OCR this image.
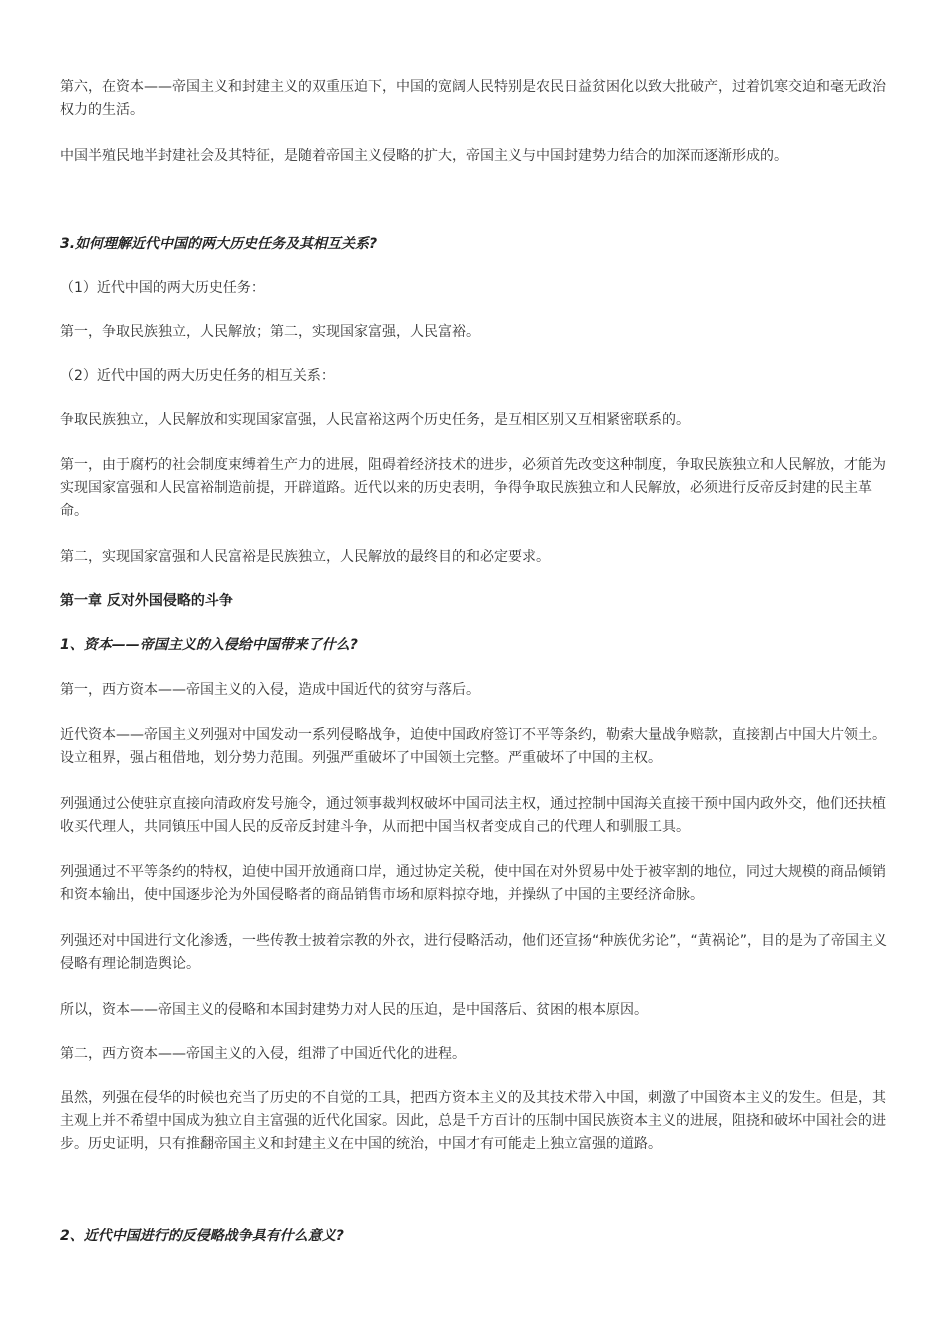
第六，在资本——帝国主义和封建主义的双重压迫下，中国的宽阔人民特别是农民日益贫困化以致大批破产，过着饥寒交迫和毫无政治权力的生活。

中国半殖民地半封建社会及其特征，是随着帝国主义侵略的扩大，帝国主义与中国封建势力结合的加深而逐渐形成的。

3.如何理解近代中国的两大历史任务及其相互关系?

（1）近代中国的两大历史任务：

第一，争取民族独立，人民解放；第二，实现国家富强，人民富裕。

（2）近代中国的两大历史任务的相互关系：

争取民族独立，人民解放和实现国家富强，人民富裕这两个历史任务，是互相区别又互相紧密联系的。

第一，由于腐朽的社会制度束缚着生产力的进展，阻碍着经济技术的进步，必须首先改变这种制度，争取民族独立和人民解放，才能为实现国家富强和人民富裕制造前提，开辟道路。近代以来的历史表明，争得争取民族独立和人民解放，必须进行反帝反封建的民主革命。

第二，实现国家富强和人民富裕是民族独立，人民解放的最终目的和必定要求。

第一章 反对外国侵略的斗争

1、资本——帝国主义的入侵给中国带来了什么?

第一，西方资本——帝国主义的入侵，造成中国近代的贫穷与落后。

近代资本——帝国主义列强对中国发动一系列侵略战争，迫使中国政府签订不平等条约，勒索大量战争赔款，直接割占中国大片领土。设立租界，强占租借地，划分势力范围。列强严重破坏了中国领土完整。严重破坏了中国的主权。

列强通过公使驻京直接向清政府发号施令，通过领事裁判权破坏中国司法主权，通过控制中国海关直接干预中国内政外交，他们还扶植收买代理人，共同镇压中国人民的反帝反封建斗争，从而把中国当权者变成自己的代理人和驯服工具。

列强通过不平等条约的特权，迫使中国开放通商口岸，通过协定关税，使中国在对外贸易中处于被宰割的地位，同过大规模的商品倾销和资本输出，使中国逐步沦为外国侵略者的商品销售市场和原料掠夺地，并操纵了中国的主要经济命脉。

列强还对中国进行文化渗透，一些传教士披着宗教的外衣，进行侵略活动，他们还宣扬“种族优劣论”，“黄祸论”，目的是为了帝国主义侵略有理论制造舆论。

所以，资本——帝国主义的侵略和本国封建势力对人民的压迫，是中国落后、贫困的根本原因。

第二，西方资本——帝国主义的入侵，组滞了中国近代化的进程。

虽然，列强在侵华的时候也充当了历史的不自觉的工具，把西方资本主义的及其技术带入中国，刺激了中国资本主义的发生。但是，其主观上并不希望中国成为独立自主富强的近代化国家。因此，总是千方百计的压制中国民族资本主义的进展，阻挠和破坏中国社会的进步。历史证明，只有推翻帝国主义和封建主义在中国的统治，中国才有可能走上独立富强的道路。

2、近代中国进行的反侵略战争具有什么意义?
